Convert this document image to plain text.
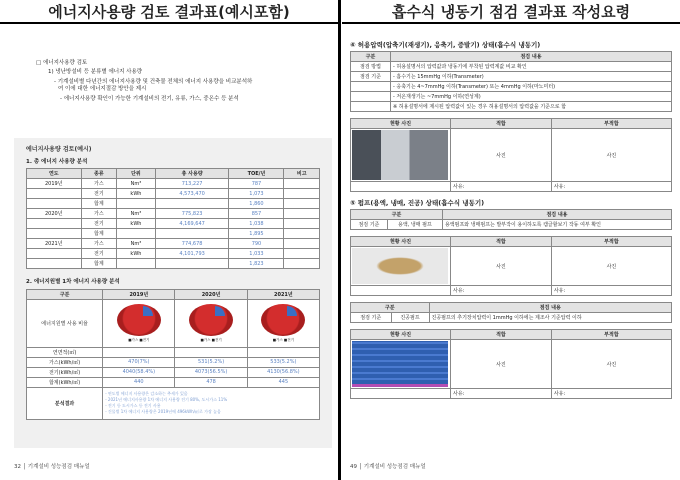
에너지사용량 검토 결과표(예시포함)	흡수식 냉동기 점검 결과표 작성요령
□ 에너지사용량 검토
1) 냉난방설비 등 분류별 에너지 사용량
- 기계설비별 다년간의 에너지사용량 및 건축물 전체의 에너지 사용량을 비교분석하
여 이에 대한 에너지절감 방안을 제시
- 에너지사용량 확인이 가능한 기계설비의 전기, 유류, 가스, 중온수 등 분석
에너지사용량 검토(예시)
1. 총 에너지 사용량 분석
연도	종류	단위	총 사용량	TOE/년	비고
2019년	가스	Nm³	713,227	787	
	전기	kWh	4,573,470	1,073	
	합계			1,860	
2020년	가스	Nm³	775,823	857	
	전기	kWh	4,169,647	1,038	
	합계			1,895	
2021년	가스	Nm³	774,678	790	
	전기	kWh	4,101,793	1,033	
	합계			1,823	
2. 에너지원별 1차 에너지 사용량 분석
구분	2019년	2020년	2021년
에너지원별 사용 비율	■가스 ■전기	■가스 ■전기	■가스 ■전기

연면적(㎡)			
가스(kWh/㎡)	470(7%)	531(5.2%)	533(5.2%)
전기(kWh/㎡)	4040(58.4%)	4073(56.5%)	4130(56.8%)
합계(kWh/㎡)	440	478	445
분석결과	- 연도별 에너지 사용량은 감소하는 추세가 있음
- 2021년 에너지사용량 1차 에너지 사용량 전기 80%, 도시가스 11%
- 전기 등 도시가스 등 전기 사용
- 건물별 1차 에너지 사용량은 2019년에 496kWh/㎡로 가장 높음		
32 │ 기계설비 성능점검 매뉴얼
④ 허용압력(압축기(재생기), 응축기, 증발기) 상태(흡수식 냉동기)
구분	점검 내용
점검 방법	- 허용설명서의 압력값과 냉동기에 부착된 압력계값 비교 확인
점검 기준	- 흡수기는 15mmHg 이하(Transmeter)
	- 응축기는 4~7mmHg 이하(Transmeter) 또는 4mmHg 이하(마노미터)
	- 저온재생기는 ~7mmHg 이하(연성계)
	※ 허용설명서에 제시된 압력값이 있는 경우 허용설명서의 압력값을 기준으로 함
현황 사진	적합	부적합

	사진	사진
	사유:	사유:
⑤ 펌프(용액, 냉매, 진공) 상태(흡수식 냉동기)
구분		점검 내용
점검 기준	용액, 냉매 펌프	용액펌프와 냉매펌프는 발부작이 용이하도록 캠글할보기 작동 여부 확인
현황 사진	적합	부적합

	사진	사진
	사유:	사유:
구분		점검 내용
점검 기준	진공펌프	진공펌프의 추기장치압력이 1mmHg 이하에는 제조사 기준압력 이하
현황 사진	적합	부적합

	사진	사진
	사유:	사유:
49 │ 기계설비 성능점검 매뉴얼
